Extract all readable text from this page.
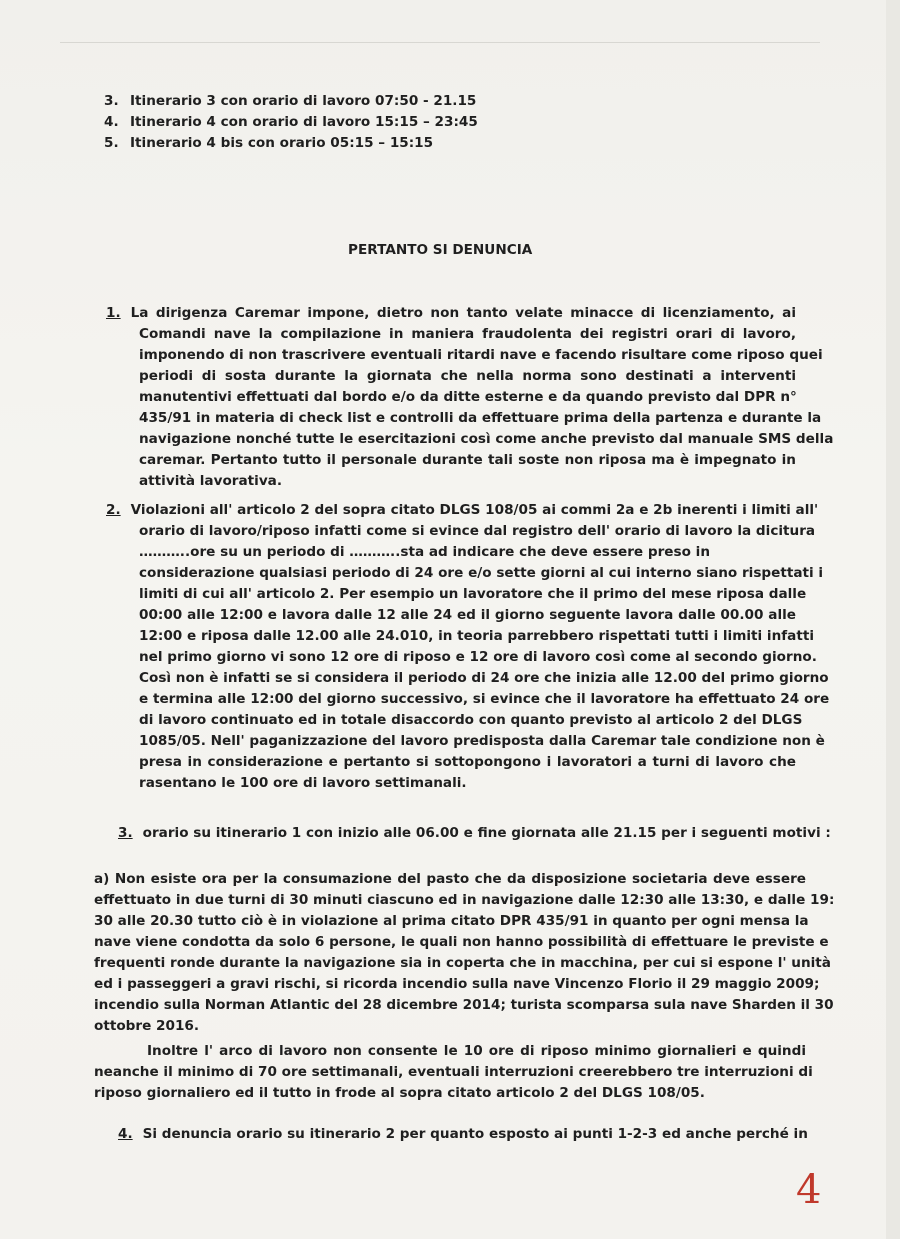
3. Itinerario 3 con orario di lavoro 07:50 - 21.15
4. Itinerario 4 con orario di lavoro 15:15 – 23:45
5. Itinerario 4 bis con orario 05:15 – 15:15
PERTANTO SI DENUNCIA
1. La dirigenza Caremar impone, dietro non tanto velate minacce di licenziamento, ai
Comandi nave la compilazione in maniera fraudolenta dei registri orari di lavoro,
imponendo di non trascrivere eventuali ritardi nave e facendo risultare come riposo quei
periodi di sosta durante la giornata che nella norma sono destinati a interventi
manutentivi effettuati dal bordo e/o da ditte esterne e da quando previsto dal DPR n°
435/91 in materia di check list e controlli da effettuare prima della partenza e durante la
navigazione nonché tutte le esercitazioni così come anche previsto dal manuale SMS della
caremar. Pertanto tutto il personale durante tali soste non riposa ma è impegnato in
attività lavorativa.
2. Violazioni all' articolo 2 del sopra citato DLGS 108/05 ai commi 2a e 2b inerenti i limiti all'
orario di lavoro/riposo infatti come si evince dal registro dell' orario di lavoro la dicitura
………..ore su un periodo di ………..sta ad indicare che deve essere preso in
considerazione qualsiasi periodo di 24 ore e/o sette giorni al cui interno siano rispettati i
limiti di cui all' articolo 2. Per esempio un lavoratore che il primo del mese riposa dalle
00:00 alle 12:00 e lavora dalle 12 alle 24 ed il giorno seguente lavora dalle 00.00 alle
12:00 e riposa dalle 12.00 alle 24.010, in teoria parrebbero rispettati tutti i limiti infatti
nel primo giorno vi sono 12 ore di riposo e 12 ore di lavoro così come al secondo giorno.
Così non è infatti se si considera il periodo di 24 ore che inizia alle 12.00 del primo giorno
e termina alle 12:00 del giorno successivo, si evince che il lavoratore ha effettuato 24 ore
di lavoro continuato ed in totale disaccordo con quanto previsto al articolo 2 del DLGS
1085/05. Nell' paganizzazione del lavoro predisposta dalla Caremar tale condizione non è
presa in considerazione e pertanto si sottopongono i lavoratori a turni di lavoro che
rasentano le 100 ore di lavoro settimanali.
3. orario su itinerario 1 con inizio alle 06.00 e fine giornata alle 21.15 per i seguenti motivi :
a) Non esiste ora per la consumazione del pasto che da disposizione societaria deve essere
effettuato in due turni di 30 minuti ciascuno ed in navigazione dalle 12:30 alle 13:30, e dalle 19:
30 alle 20.30 tutto ciò è in violazione al prima citato DPR 435/91 in quanto per ogni mensa la
nave viene condotta da solo 6 persone, le quali non hanno possibilità di effettuare le previste e
frequenti ronde durante la navigazione sia in coperta che in macchina, per cui si espone l' unità
ed i passeggeri a gravi rischi, si ricorda incendio sulla nave Vincenzo Florio il 29 maggio 2009;
incendio sulla Norman Atlantic del 28 dicembre 2014; turista scomparsa sula nave Sharden il 30
ottobre 2016.
Inoltre l' arco di lavoro non consente le 10 ore di riposo minimo giornalieri e quindi
neanche il minimo di 70 ore settimanali, eventuali interruzioni creerebbero tre interruzioni di
riposo giornaliero ed il tutto in frode al sopra citato articolo 2 del DLGS 108/05.
4. Si denuncia orario su itinerario 2 per quanto esposto ai punti 1-2-3 ed anche perché in
4
